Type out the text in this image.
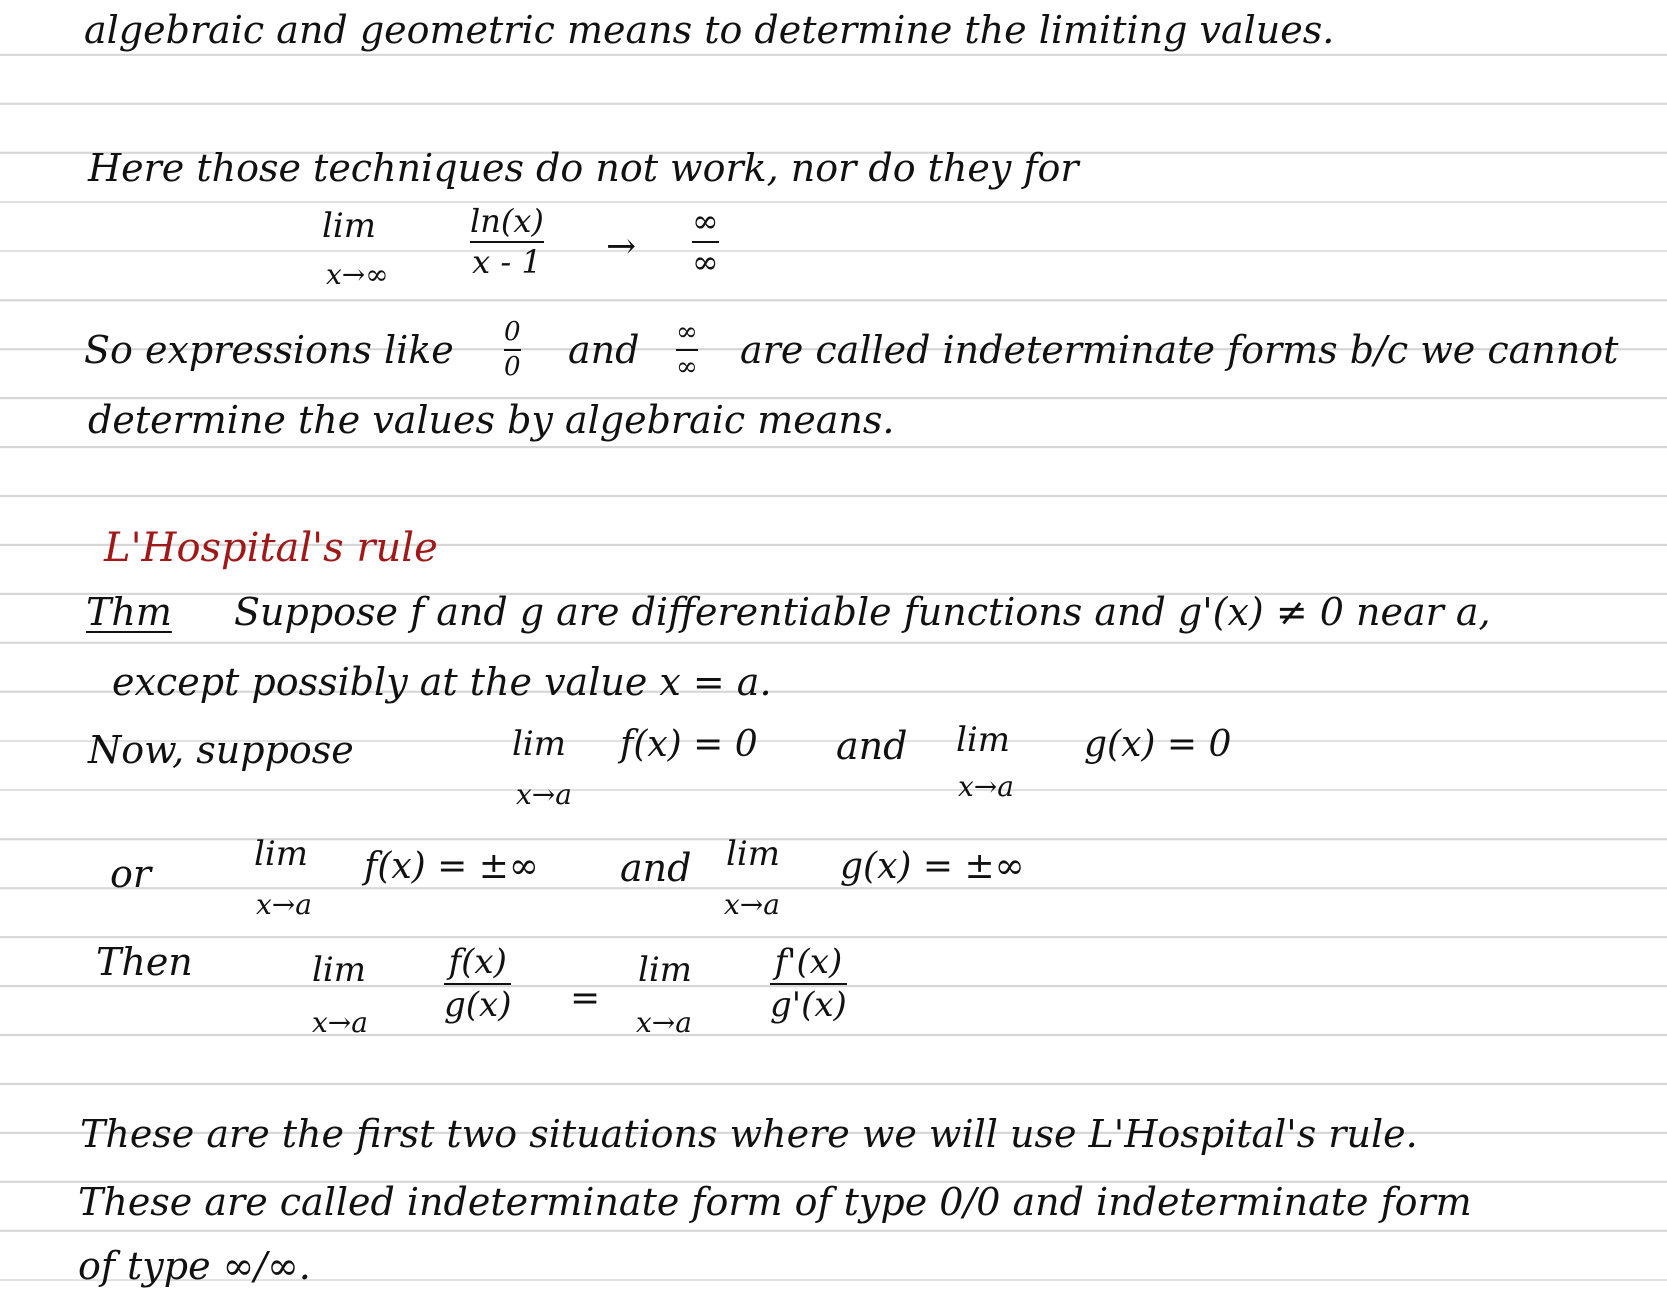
algebraic and geometric means to determine the limiting values.
Here those techniques do not work, nor do they for
lim
x→∞
ln(x)
x - 1 →
∞
∞
So expressions like 0
0 and ∞
∞ are called indeterminate forms b/c we cannot
determine the values by algebraic means.
L'Hospital's rule
Thm Suppose f and g are differentiable functions and g'(x) ≠ 0 near a,
except possibly at the value x = a.
Now, suppose	lim
x→a
f(x) = 0 and lim
x→a
g(x) = 0
or	lim
x→a
f(x) = ±∞ and lim
x→a
g(x) = ±∞
Then	lim
x→a
f(x)
g(x) =
lim
x→a
f'(x)
g'(x)
These are the first two situations where we will use L'Hospital's rule.
These are called indeterminate form of type 0/0 and indeterminate form
of type ∞/∞.
